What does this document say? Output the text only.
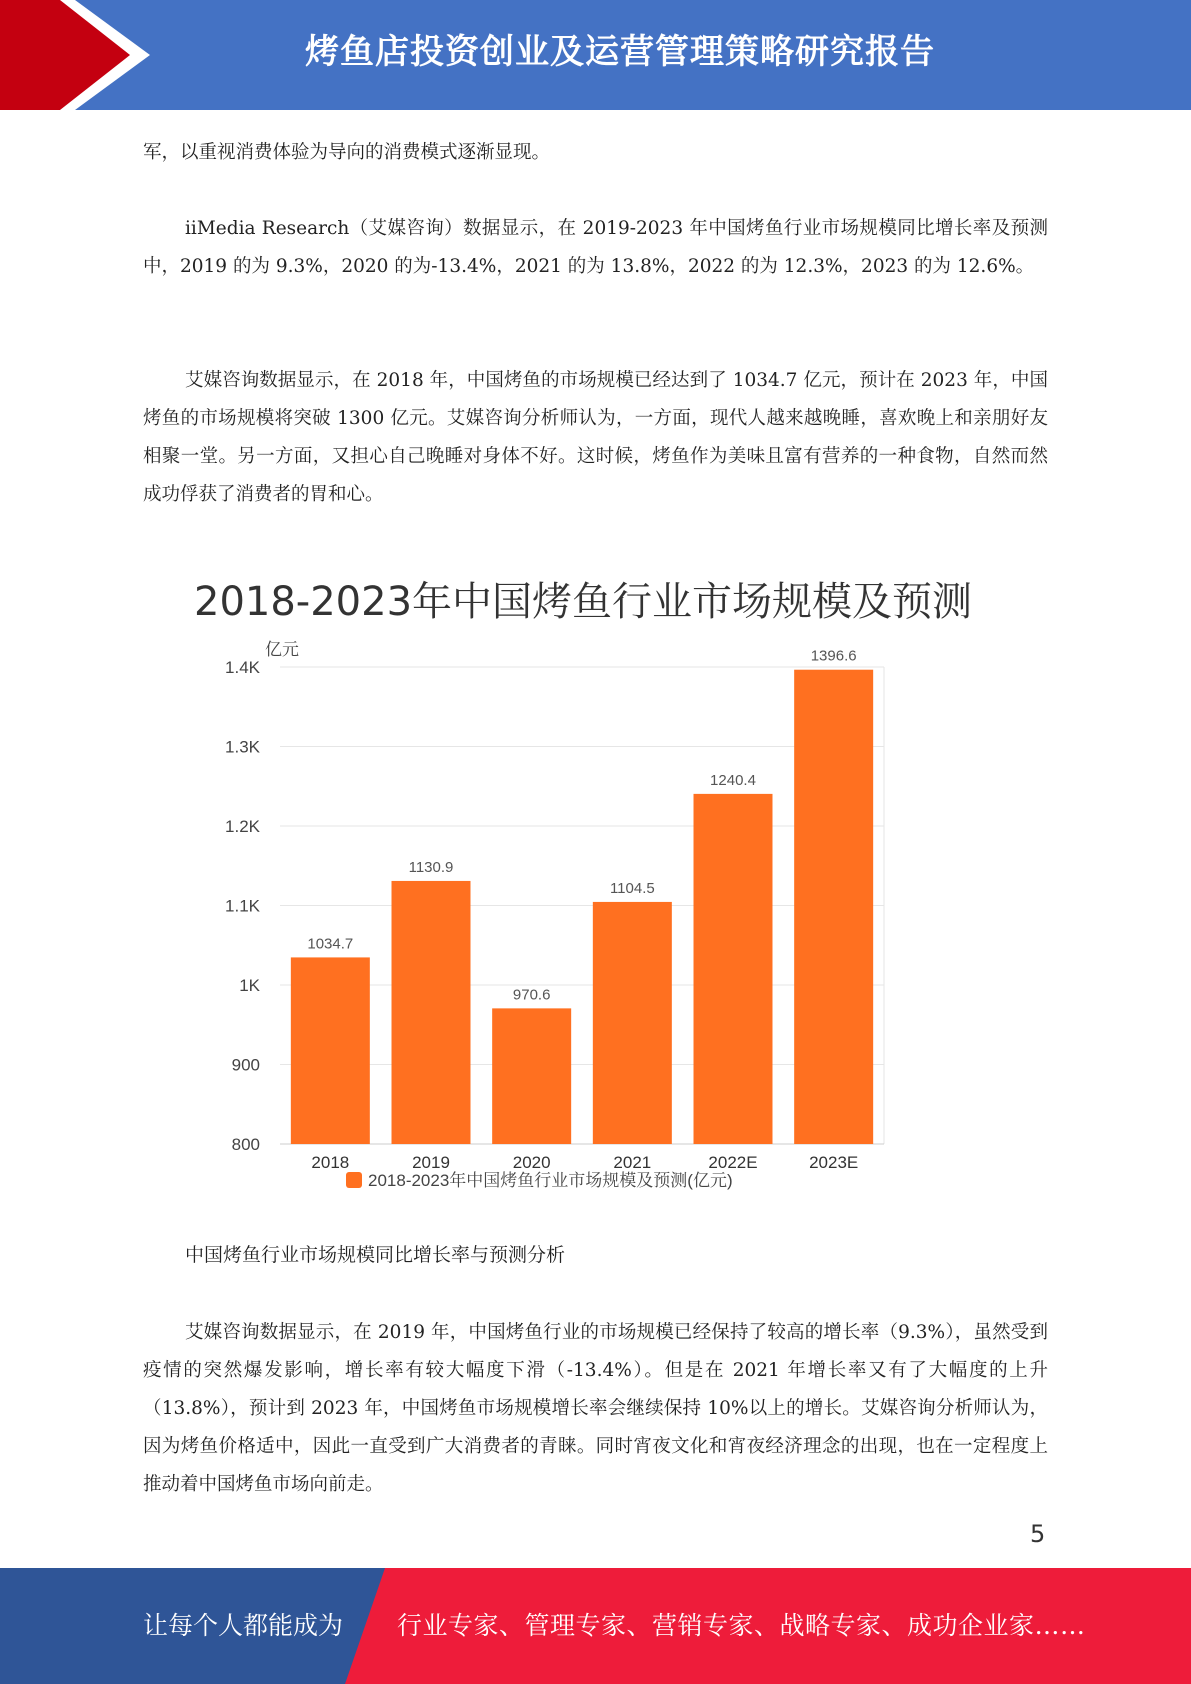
烤鱼店投资创业及运营管理策略研究报告

军，以重视消费体验为导向的消费模式逐渐显现。

iiMedia Research（艾媒咨询）数据显示，在 2019-2023 年中国烤鱼行业市场规模同比增长率及预测中，2019 的为 9.3%，2020 的为-13.4%，2021 的为 13.8%，2022 的为 12.3%，2023 的为 12.6%。

艾媒咨询数据显示，在 2018 年，中国烤鱼的市场规模已经达到了 1034.7 亿元，预计在 2023 年，中国烤鱼的市场规模将突破 1300 亿元。艾媒咨询分析师认为，一方面，现代人越来越晚睡，喜欢晚上和亲朋好友相聚一堂。另一方面，又担心自己晚睡对身体不好。这时候，烤鱼作为美味且富有营养的一种食物，自然而然成功俘获了消费者的胃和心。

2018-2023年中国烤鱼行业市场规模及预测
800
900
1K
1.1K
1.2K
1.3K
1.4K
亿元
1034.7
2018
1130.9
2019
970.6
2020
1104.5
2021
1240.4
2022E
1396.6
2023E
2018-2023年中国烤鱼行业市场规模及预测(亿元)

中国烤鱼行业市场规模同比增长率与预测分析

艾媒咨询数据显示，在 2019 年，中国烤鱼行业的市场规模已经保持了较高的增长率（9.3%），虽然受到疫情的突然爆发影响，增长率有较大幅度下滑（-13.4%）。但是在 2021 年增长率又有了大幅度的上升（13.8%），预计到 2023 年，中国烤鱼市场规模增长率会继续保持 10%以上的增长。艾媒咨询分析师认为，因为烤鱼价格适中，因此一直受到广大消费者的青睐。同时宵夜文化和宵夜经济理念的出现，也在一定程度上推动着中国烤鱼市场向前走。

5
让每个人都能成为 行业专家、管理专家、营销专家、战略专家、成功企业家……
